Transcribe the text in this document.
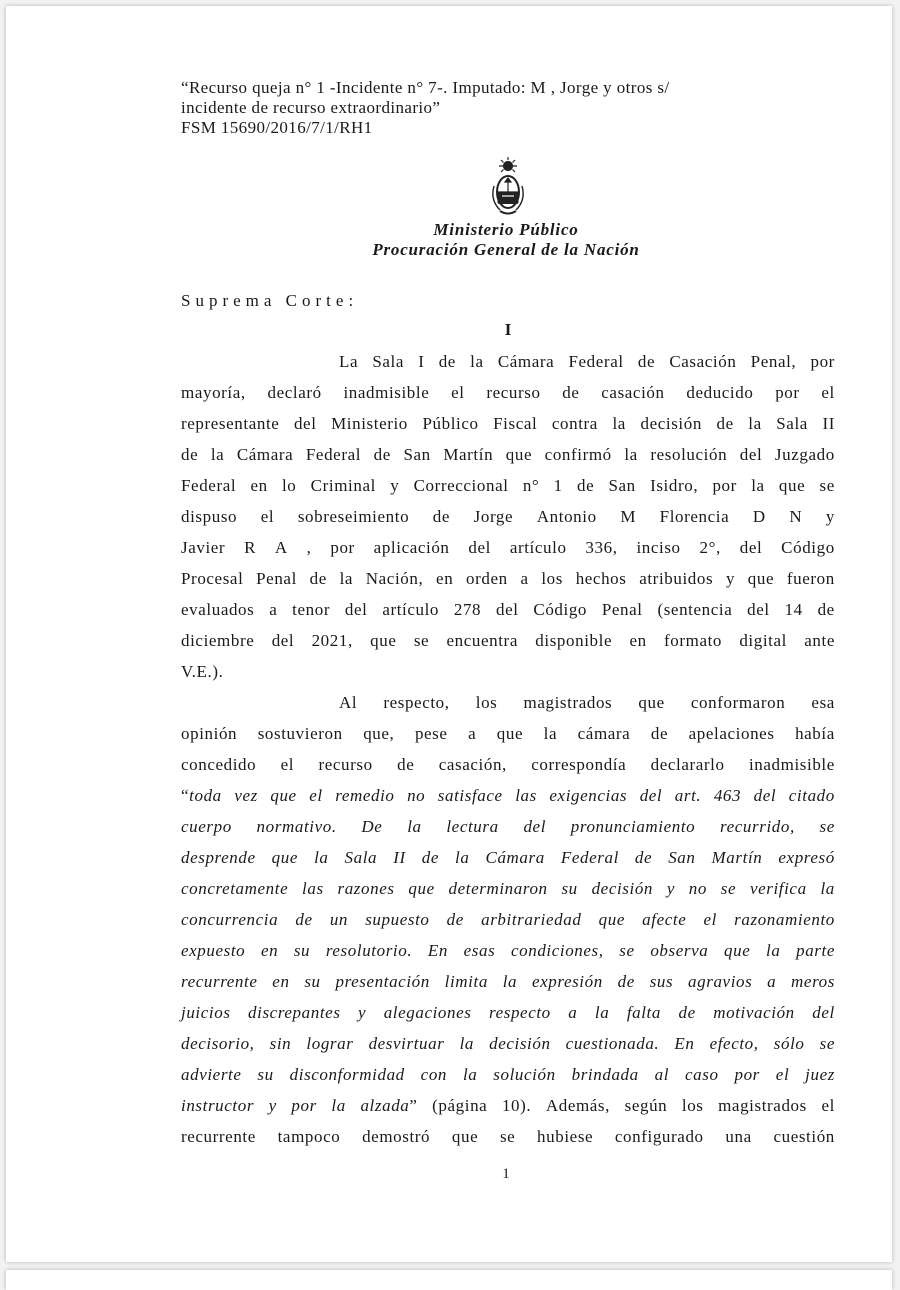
“Recurso queja n° 1 -Incidente n° 7-. Imputado: M , Jorge y otros s/
incidente de recurso extraordinario”
FSM 15690/2016/7/1/RH1
Ministerio Público
Procuración General de la Nación
Suprema Corte:
I
La Sala I de la Cámara Federal de Casación Penal, por
mayoría, declaró inadmisible el recurso de casación deducido por el
representante del Ministerio Público Fiscal contra la decisión de la Sala II
de la Cámara Federal de San Martín que confirmó la resolución del Juzgado
Federal en lo Criminal y Correccional n° 1 de San Isidro, por la que se
dispuso el sobreseimiento de Jorge Antonio M Florencia D N y
Javier R A , por aplicación del artículo 336, inciso 2°, del Código
Procesal Penal de la Nación, en orden a los hechos atribuidos y que fueron
evaluados a tenor del artículo 278 del Código Penal (sentencia del 14 de
diciembre del 2021, que se encuentra disponible en formato digital ante
V.E.).
Al respecto, los magistrados que conformaron esa
opinión sostuvieron que, pese a que la cámara de apelaciones había
concedido el recurso de casación, correspondía declararlo inadmisible
“toda vez que el remedio no satisface las exigencias del art. 463 del citado
cuerpo normativo. De la lectura del pronunciamiento recurrido, se
desprende que la Sala II de la Cámara Federal de San Martín expresó
concretamente las razones que determinaron su decisión y no se verifica la
concurrencia de un supuesto de arbitrariedad que afecte el razonamiento
expuesto en su resolutorio. En esas condiciones, se observa que la parte
recurrente en su presentación limita la expresión de sus agravios a meros
juicios discrepantes y alegaciones respecto a la falta de motivación del
decisorio, sin lograr desvirtuar la decisión cuestionada. En efecto, sólo se
advierte su disconformidad con la solución brindada al caso por el juez
instructor y por la alzada” (página 10). Además, según los magistrados el
recurrente tampoco demostró que se hubiese configurado una cuestión
1
